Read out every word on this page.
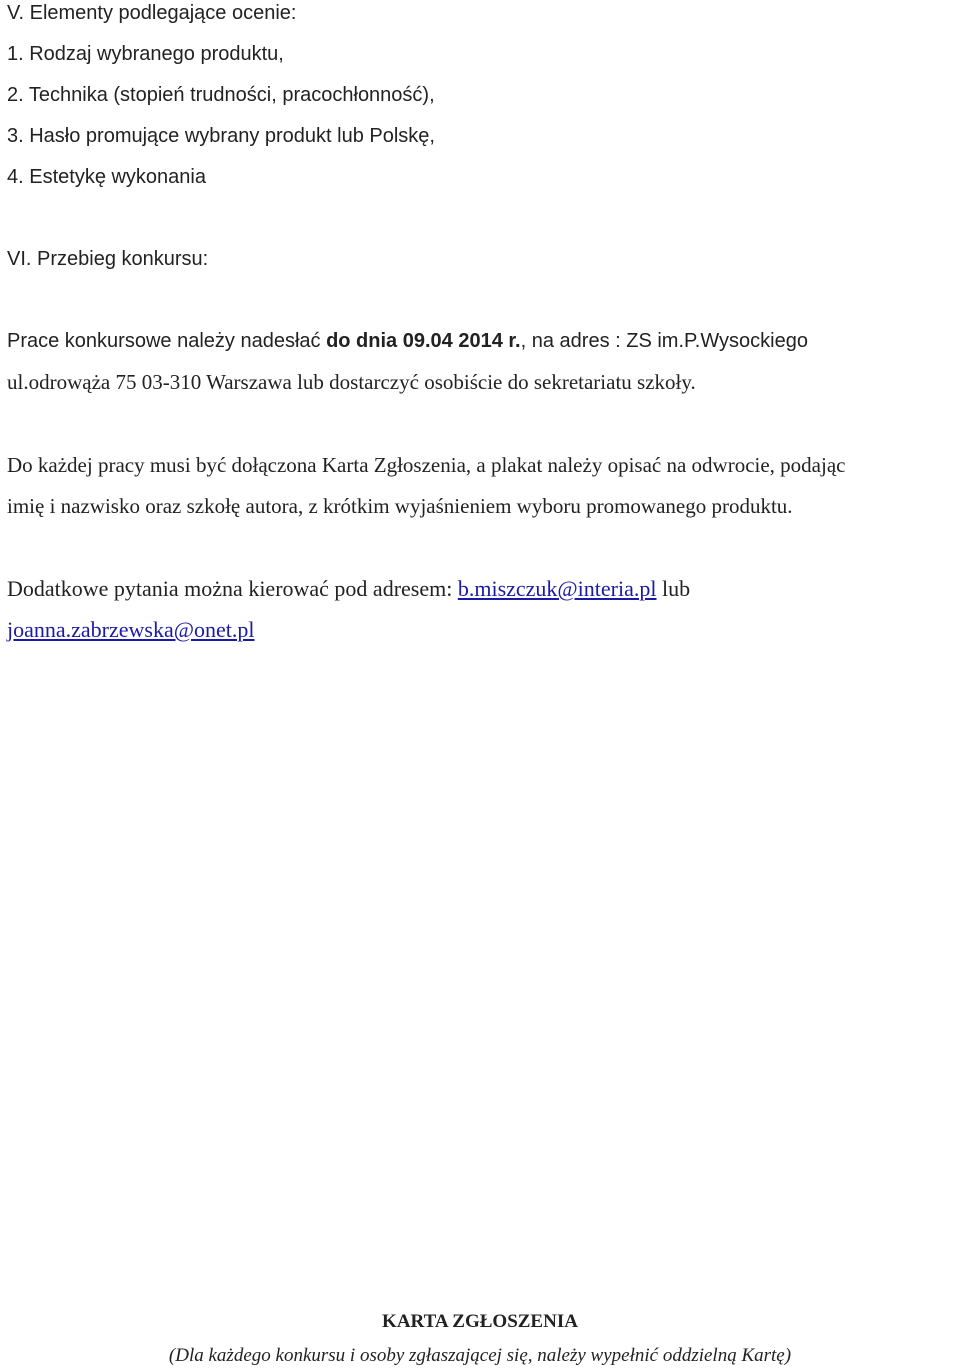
V. Elementy podlegające ocenie:

1. Rodzaj wybranego produktu,

2. Technika (stopień trudności, pracochłonność),

3. Hasło promujące wybrany produkt lub Polskę,

4. Estetykę wykonania

VI. Przebieg konkursu:

Prace konkursowe należy nadesłać do dnia 09.04 2014 r., na adres : ZS im.P.Wysockiego

ul.odrowąża 75 03-310 Warszawa lub dostarczyć osobiście do sekretariatu szkoły.

Do każdej pracy musi być dołączona Karta Zgłoszenia, a plakat należy opisać na odwrocie, podając

imię i nazwisko oraz szkołę autora, z krótkim wyjaśnieniem wyboru promowanego produktu.

Dodatkowe pytania można kierować pod adresem: b.miszczuk@interia.pl lub

joanna.zabrzewska@onet.pl

KARTA ZGŁOSZENIA

(Dla każdego konkursu i osoby zgłaszającej się, należy wypełnić oddzielną Kartę)
